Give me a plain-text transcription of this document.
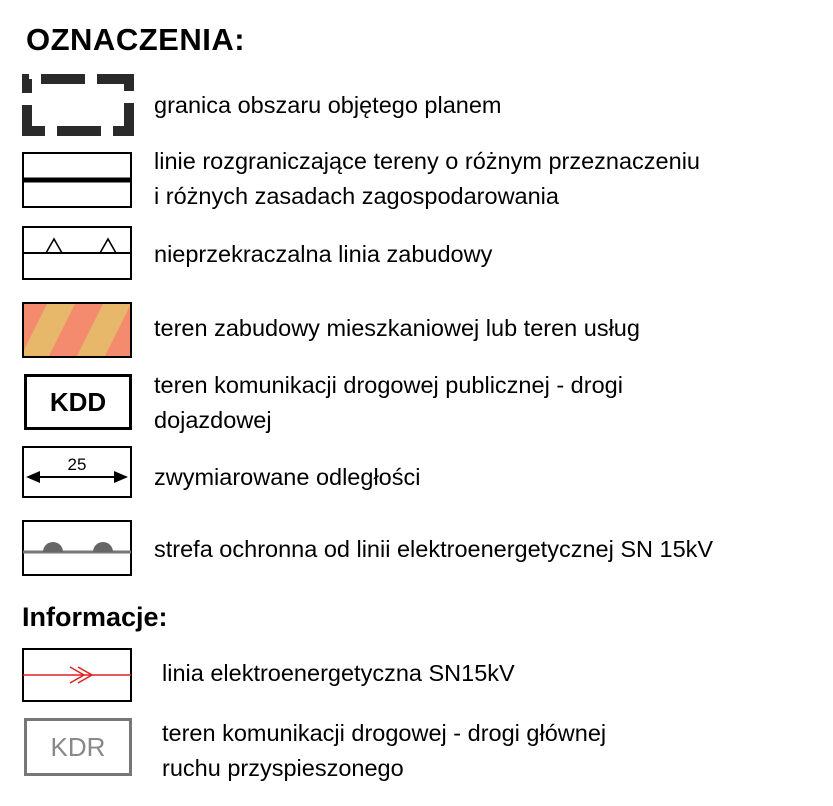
OZNACZENIA:
granica obszaru objętego planem
linie rozgraniczające tereny o różnym przeznaczeniu
i różnych zasadach zagospodarowania
nieprzekraczalna linia zabudowy
teren zabudowy mieszkaniowej lub teren usług
KDD
teren komunikacji drogowej publicznej - drogi
dojazdowej
25	zwymiarowane odległości
strefa ochronna od linii elektroenergetycznej SN 15kV
Informacje:
linia elektroenergetyczna SN15kV
KDR teren komunikacji drogowej - drogi głównej
ruchu przyspieszonego
